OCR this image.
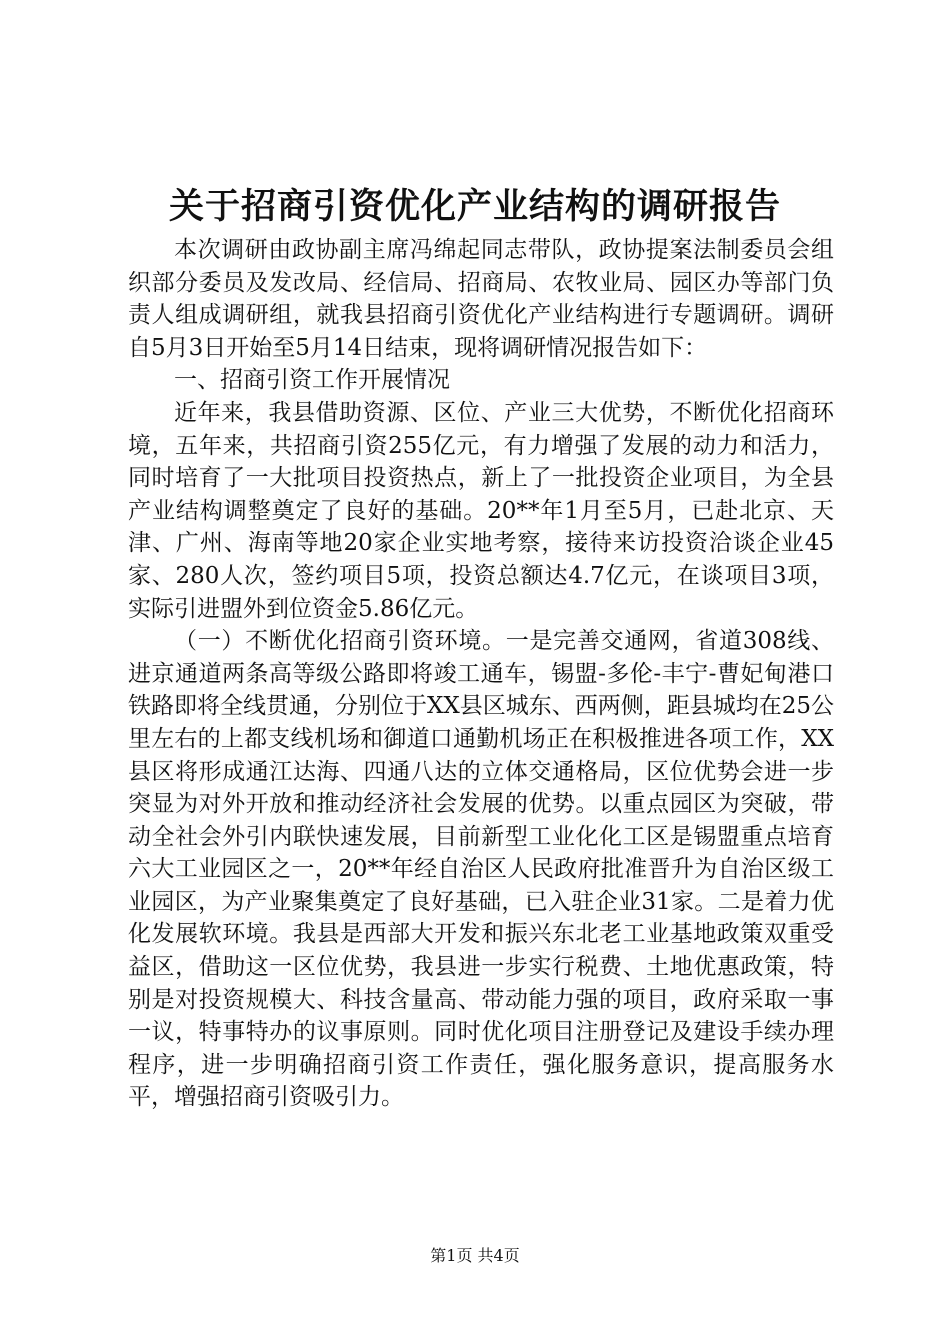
关于招商引资优化产业结构的调研报告

本次调研由政协副主席冯绵起同志带队，政协提案法制委员会组织部分委员及发改局、经信局、招商局、农牧业局、园区办等部门负责人组成调研组，就我县招商引资优化产业结构进行专题调研。调研自5月3日开始至5月14日结束，现将调研情况报告如下：

一、招商引资工作开展情况

近年来，我县借助资源、区位、产业三大优势，不断优化招商环境，五年来，共招商引资255亿元，有力增强了发展的动力和活力，同时培育了一大批项目投资热点，新上了一批投资企业项目，为全县产业结构调整奠定了良好的基础。20**年1月至5月，已赴北京、天津、广州、海南等地20家企业实地考察，接待来访投资洽谈企业45家、280人次，签约项目5项，投资总额达4.7亿元，在谈项目3项，实际引进盟外到位资金5.86亿元。

（一）不断优化招商引资环境。一是完善交通网，省道308线、进京通道两条高等级公路即将竣工通车，锡盟-多伦-丰宁-曹妃甸港口铁路即将全线贯通，分别位于XX县区城东、西两侧，距县城均在25公里左右的上都支线机场和御道口通勤机场正在积极推进各项工作，XX县区将形成通江达海、四通八达的立体交通格局，区位优势会进一步突显为对外开放和推动经济社会发展的优势。以重点园区为突破，带动全社会外引内联快速发展，目前新型工业化化工区是锡盟重点培育六大工业园区之一，20**年经自治区人民政府批准晋升为自治区级工业园区，为产业聚集奠定了良好基础，已入驻企业31家。二是着力优化发展软环境。我县是西部大开发和振兴东北老工业基地政策双重受益区，借助这一区位优势，我县进一步实行税费、土地优惠政策，特别是对投资规模大、科技含量高、带动能力强的项目，政府采取一事一议，特事特办的议事原则。同时优化项目注册登记及建设手续办理程序，进一步明确招商引资工作责任，强化服务意识，提高服务水平，增强招商引资吸引力。

第1页 共4页
